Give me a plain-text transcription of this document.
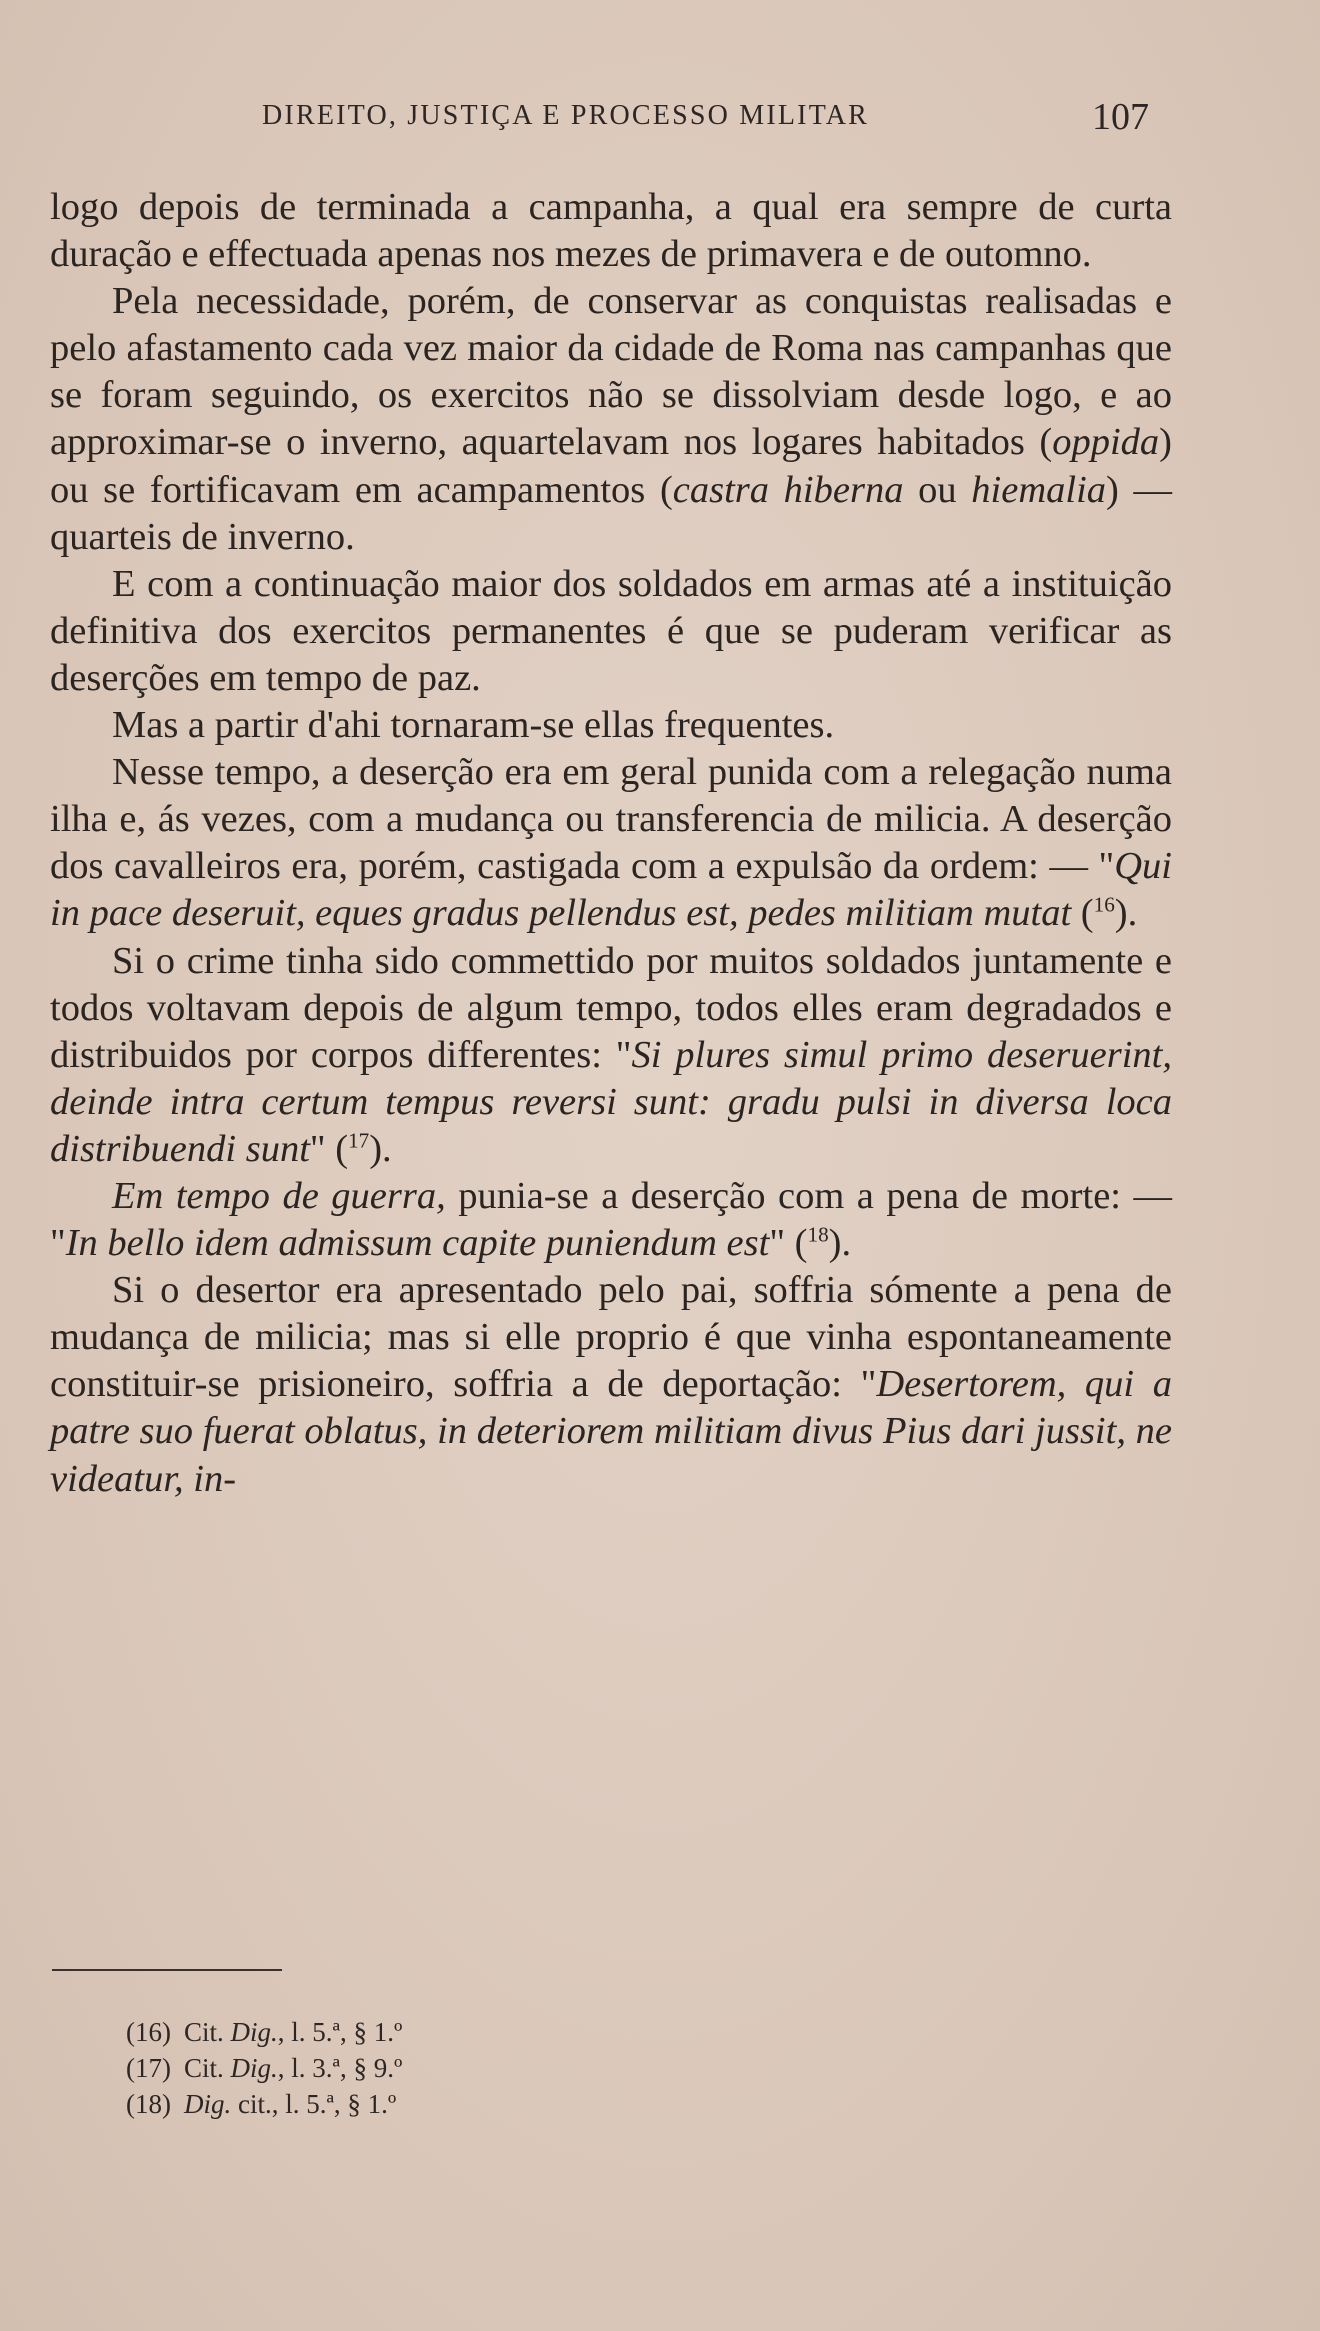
DIREITO, JUSTIÇA E PROCESSO MILITAR	107

logo depois de terminada a campanha, a qual era sempre de curta duração e effectuada apenas nos mezes de primavera e de outomno.

Pela necessidade, porém, de conservar as conquistas realisadas e pelo afastamento cada vez maior da cidade de Roma nas campanhas que se foram seguindo, os exercitos não se dissolviam desde logo, e ao approximar-se o inverno, aquartelavam nos logares habitados (oppida) ou se fortificavam em acampamentos (castra hiberna ou hiemalia) — quarteis de inverno.

E com a continuação maior dos soldados em armas até a instituição definitiva dos exercitos permanentes é que se puderam verificar as deserções em tempo de paz.

Mas a partir d'ahi tornaram-se ellas frequentes.

Nesse tempo, a deserção era em geral punida com a relegação numa ilha e, ás vezes, com a mudança ou transferencia de milicia. A deserção dos cavalleiros era, porém, castigada com a expulsão da ordem: — "Qui in pace deseruit, eques gradus pellendus est, pedes militiam mutat ($^{16}$).

Si o crime tinha sido commettido por muitos soldados juntamente e todos voltavam depois de algum tempo, todos elles eram degradados e distribuidos por corpos differentes: "Si plures simul primo deseruerint, deinde intra certum tempus reversi sunt: gradu pulsi in diversa loca distribuendi sunt" ($^{17}$).

Em tempo de guerra, punia-se a deserção com a pena de morte: — "In bello idem admissum capite puniendum est" ($^{18}$).

Si o desertor era apresentado pelo pai, soffria sómente a pena de mudança de milicia; mas si elle proprio é que vinha espontaneamente constituir-se prisioneiro, soffria a de deportação: "Desertorem, qui a patre suo fuerat oblatus, in deteriorem militiam divus Pius dari jussit, ne videatur, in-

(16) Cit. Dig., l. 5.ª, § 1.º
(17) Cit. Dig., l. 3.ª, § 9.º
(18) Dig. cit., l. 5.ª, § 1.º
